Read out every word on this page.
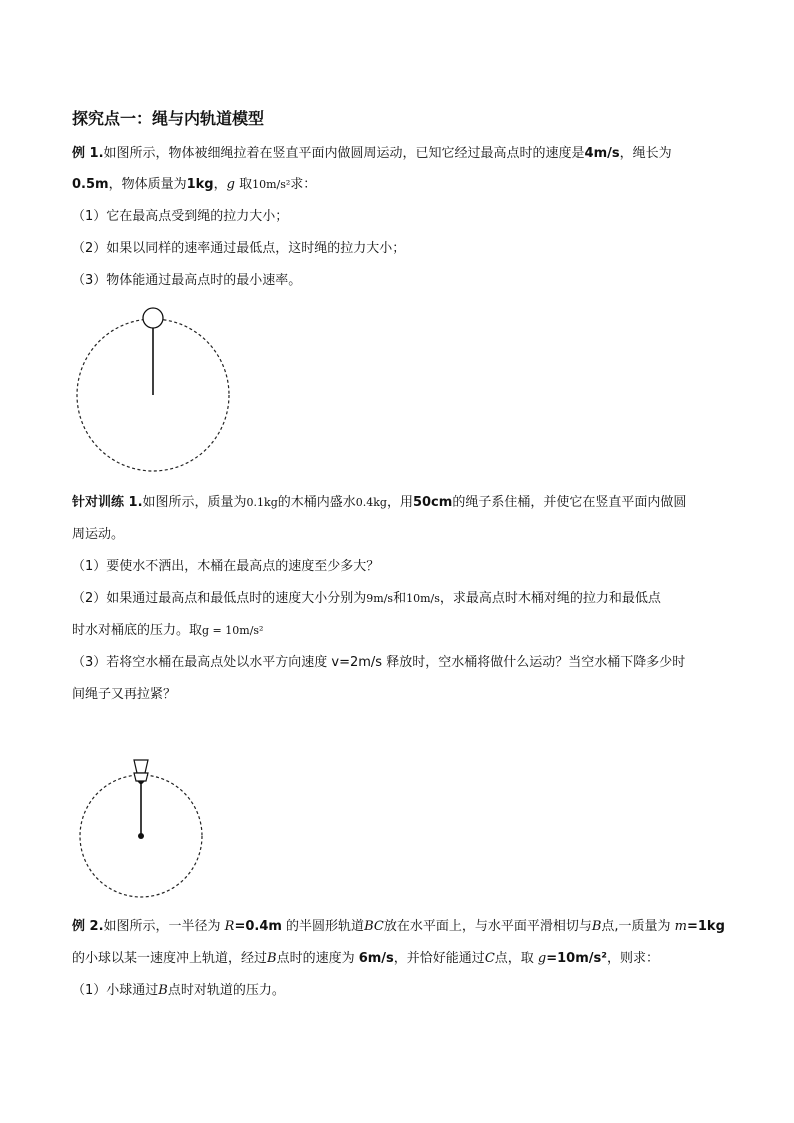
探究点一：绳与内轨道模型
例 1.如图所示，物体被细绳拉着在竖直平面内做圆周运动，已知它经过最高点时的速度是4m/s，绳长为
0.5m，物体质量为1kg，g 取10m/s²求：
（1）它在最高点受到绳的拉力大小；
（2）如果以同样的速率通过最低点，这时绳的拉力大小；
（3）物体能通过最高点时的最小速率。
针对训练 1.如图所示，质量为0.1kg的木桶内盛水0.4kg，用50cm的绳子系住桶，并使它在竖直平面内做圆
周运动。
（1）要使水不洒出，木桶在最高点的速度至少多大？
（2）如果通过最高点和最低点时的速度大小分别为9m/s和10m/s，求最高点时木桶对绳的拉力和最低点
时水对桶底的压力。取g = 10m/s²
（3）若将空水桶在最高点处以水平方向速度 v=2m/s 释放时，空水桶将做什么运动？当空水桶下降多少时
间绳子又再拉紧？
例 2.如图所示，一半径为 R=0.4m 的半圆形轨道BC放在水平面上，与水平面平滑相切与B点,一质量为 m=1kg
的小球以某一速度冲上轨道，经过B点时的速度为 6m/s，并恰好能通过C点，取 g=10m/s²，则求：
（1）小球通过B点时对轨道的压力。
